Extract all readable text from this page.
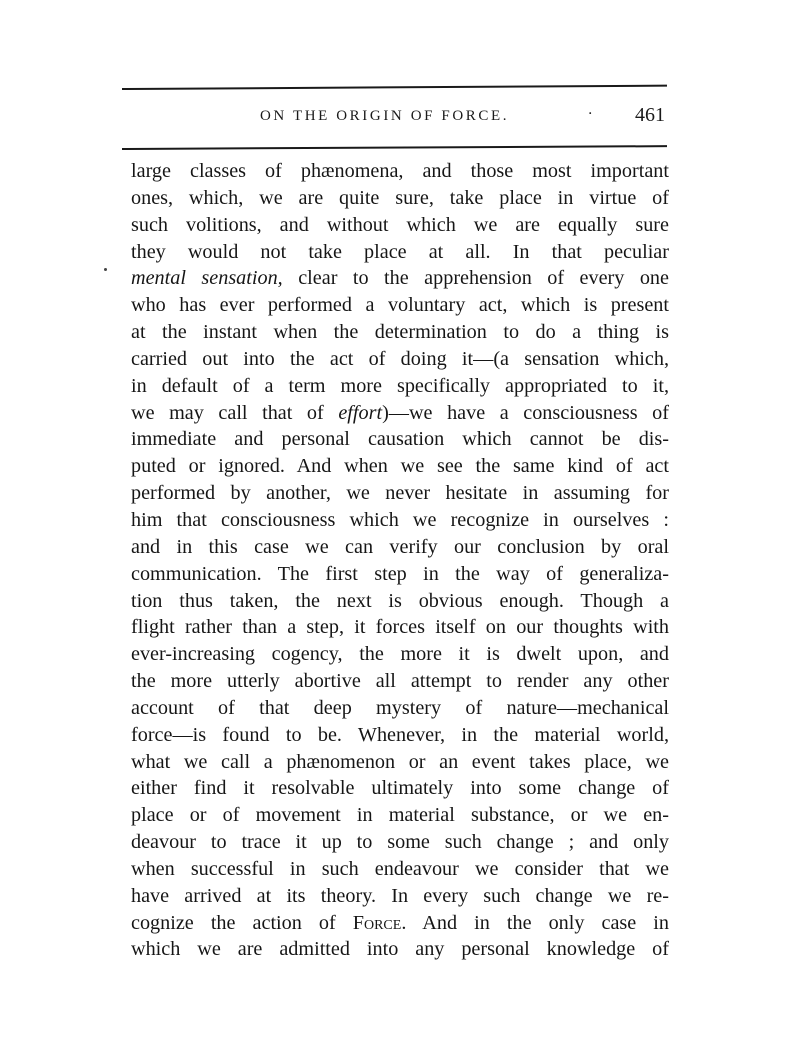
ON THE ORIGIN OF FORCE.	· 461
large classes of phænomena, and those most important
ones, which, we are quite sure, take place in virtue of
such volitions, and without which we are equally sure
they would not take place at all. In that peculiar
mental sensation, clear to the apprehension of every one
who has ever performed a voluntary act, which is present
at the instant when the determination to do a thing is
carried out into the act of doing it—(a sensation which,
in default of a term more specifically appropriated to it,
we may call that of effort)—we have a consciousness of
immediate and personal causation which cannot be dis-
puted or ignored. And when we see the same kind of act
performed by another, we never hesitate in assuming for
him that consciousness which we recognize in ourselves :
and in this case we can verify our conclusion by oral
communication. The first step in the way of generaliza-
tion thus taken, the next is obvious enough. Though a
flight rather than a step, it forces itself on our thoughts with
ever-increasing cogency, the more it is dwelt upon, and
the more utterly abortive all attempt to render any other
account of that deep mystery of nature—mechanical
force—is found to be. Whenever, in the material world,
what we call a phænomenon or an event takes place, we
either find it resolvable ultimately into some change of
place or of movement in material substance, or we en-
deavour to trace it up to some such change ; and only
when successful in such endeavour we consider that we
have arrived at its theory. In every such change we re-
cognize the action of Force. And in the only case in
which we are admitted into any personal knowledge of
